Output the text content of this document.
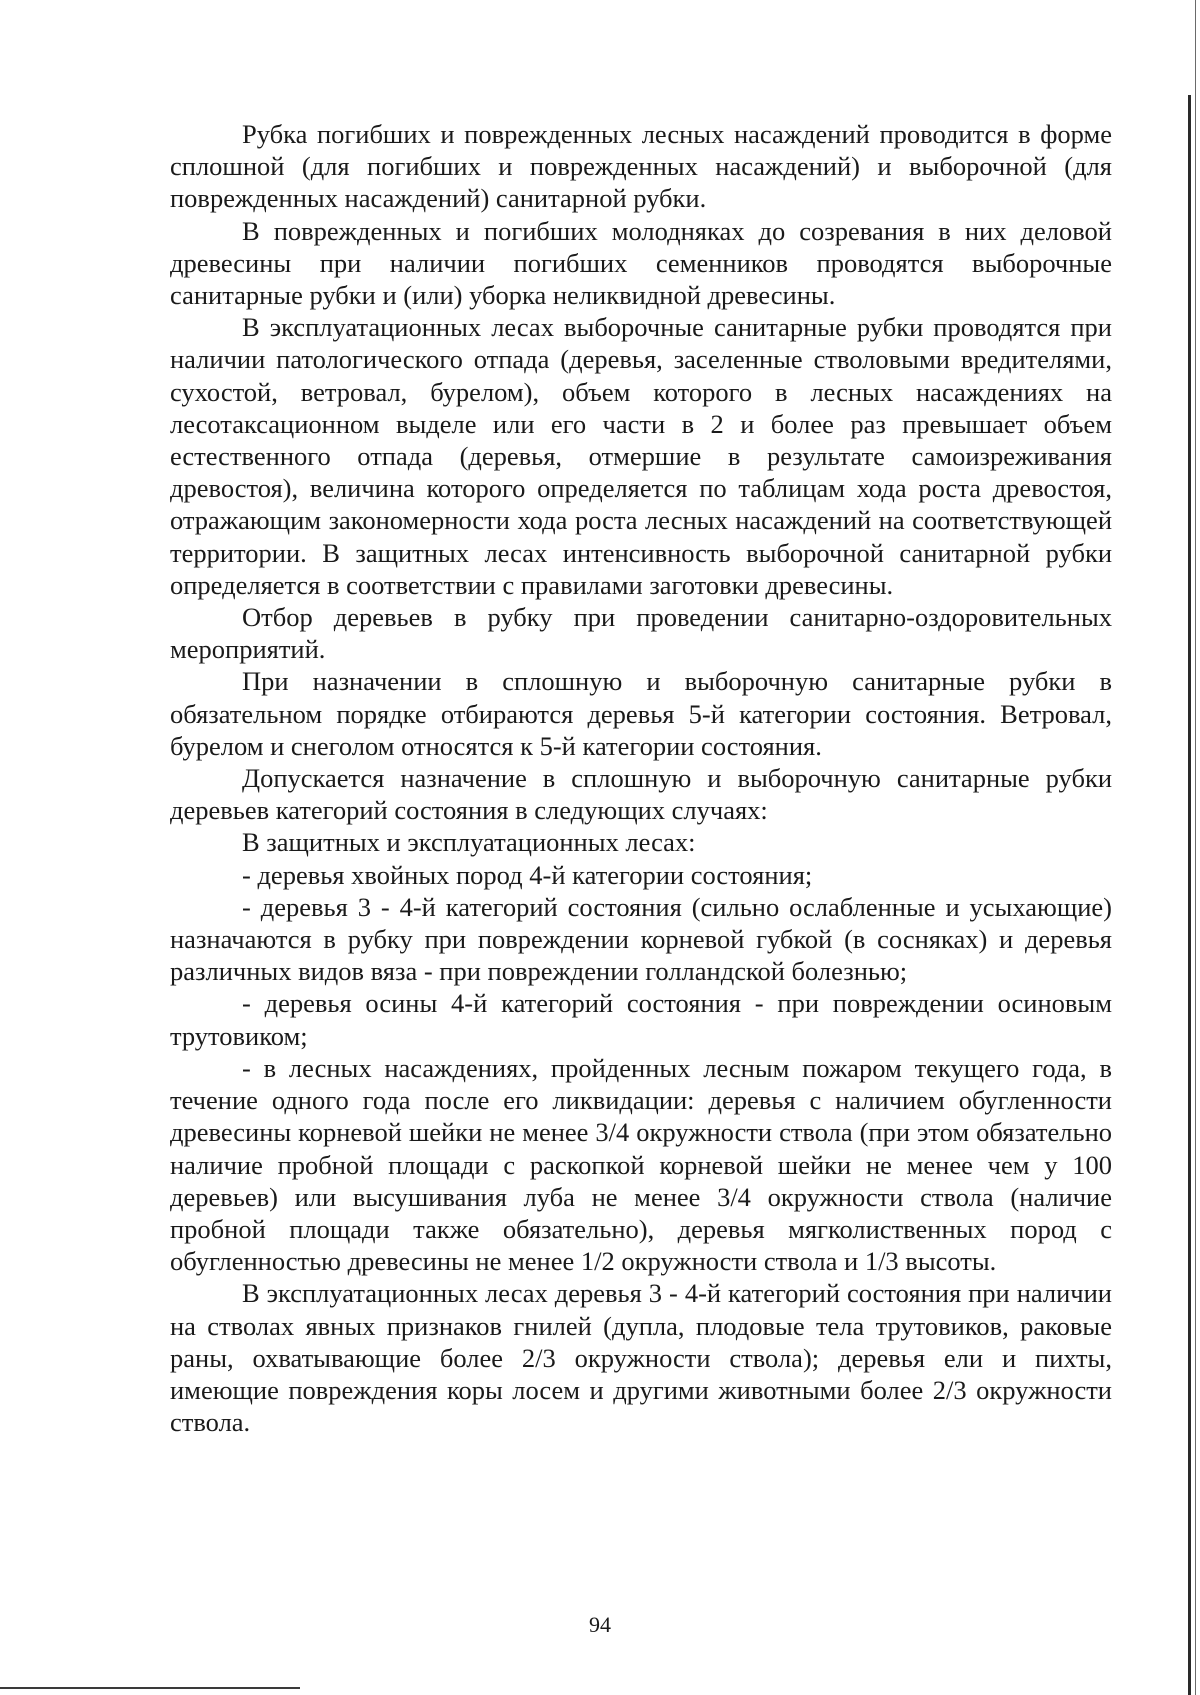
Рубка погибших и поврежденных лесных насаждений проводится в форме сплошной (для погибших и поврежденных насаждений) и выборочной (для поврежденных насаждений) санитарной рубки.

В поврежденных и погибших молодняках до созревания в них деловой древесины при наличии погибших семенников проводятся выборочные санитарные рубки и (или) уборка неликвидной древесины.

В эксплуатационных лесах выборочные санитарные рубки проводятся при наличии патологического отпада (деревья, заселенные стволовыми вредителями, сухостой, ветровал, бурелом), объем которого в лесных насаждениях на лесотаксационном выделе или его части в 2 и более раз превышает объем естественного отпада (деревья, отмершие в результате самоизреживания древостоя), величина которого определяется по таблицам хода роста древостоя, отражающим закономерности хода роста лесных насаждений на соответствующей территории. В защитных лесах интенсивность выборочной санитарной рубки определяется в соответствии с правилами заготовки древесины.

Отбор деревьев в рубку при проведении санитарно-оздоровительных мероприятий.

При назначении в сплошную и выборочную санитарные рубки в обязательном порядке отбираются деревья 5-й категории состояния. Ветровал, бурелом и снеголом относятся к 5-й категории состояния.

Допускается назначение в сплошную и выборочную санитарные рубки деревьев категорий состояния в следующих случаях:

В защитных и эксплуатационных лесах:

- деревья хвойных пород 4-й категории состояния;

- деревья 3 - 4-й категорий состояния (сильно ослабленные и усыхающие) назначаются в рубку при повреждении корневой губкой (в сосняках) и деревья различных видов вяза - при повреждении голландской болезнью;

- деревья осины 4-й категорий состояния - при повреждении осиновым трутовиком;

- в лесных насаждениях, пройденных лесным пожаром текущего года, в течение одного года после его ликвидации: деревья с наличием обугленности древесины корневой шейки не менее 3/4 окружности ствола (при этом обязательно наличие пробной площади с раскопкой корневой шейки не менее чем у 100 деревьев) или высушивания луба не менее 3/4 окружности ствола (наличие пробной площади также обязательно), деревья мягколиственных пород с обугленностью древесины не менее 1/2 окружности ствола и 1/3 высоты.

В эксплуатационных лесах деревья 3 - 4-й категорий состояния при наличии на стволах явных признаков гнилей (дупла, плодовые тела трутовиков, раковые раны, охватывающие более 2/3 окружности ствола); деревья ели и пихты, имеющие повреждения коры лосем и другими животными более 2/3 окружности ствола.

94
